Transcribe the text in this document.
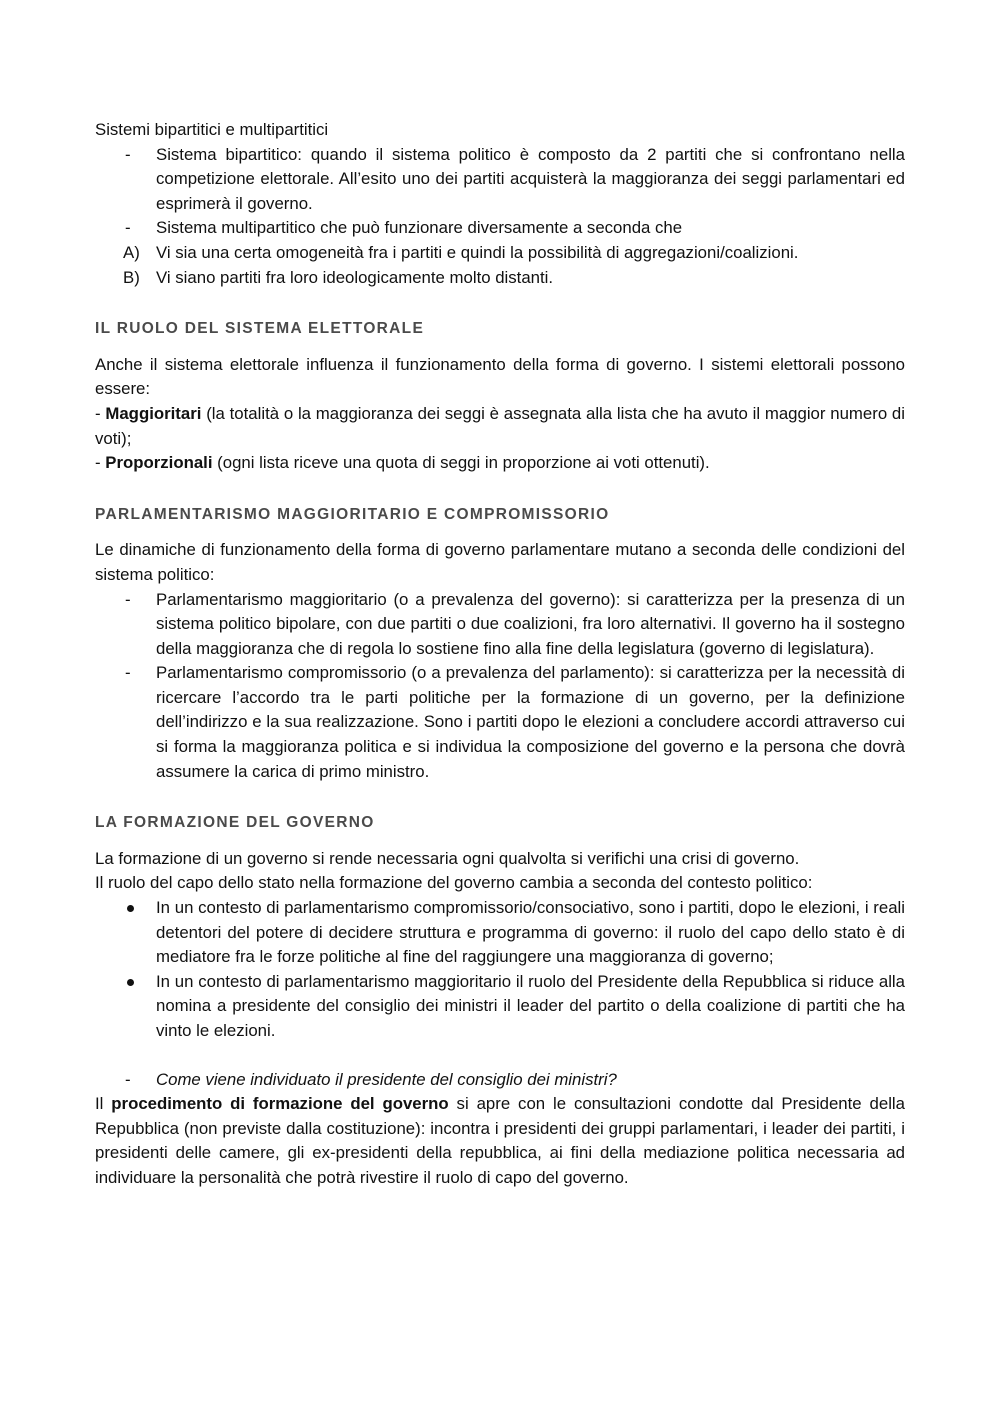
Sistemi bipartitici e multipartitici

- Sistema bipartitico: quando il sistema politico è composto da 2 partiti che si confrontano nella competizione elettorale. All’esito uno dei partiti acquisterà la maggioranza dei seggi parlamentari ed esprimerà il governo.
- Sistema multipartitico che può funzionare diversamente a seconda che
A) Vi sia una certa omogeneità fra i partiti e quindi la possibilità di aggregazioni/coalizioni.
B) Vi siano partiti fra loro ideologicamente molto distanti.

IL RUOLO DEL SISTEMA ELETTORALE

Anche il sistema elettorale influenza il funzionamento della forma di governo. I sistemi elettorali possono essere:

- Maggioritari (la totalità o la maggioranza dei seggi è assegnata alla lista che ha avuto il maggior numero di voti);

- Proporzionali (ogni lista riceve una quota di seggi in proporzione ai voti ottenuti).

PARLAMENTARISMO MAGGIORITARIO E COMPROMISSORIO

Le dinamiche di funzionamento della forma di governo parlamentare mutano a seconda delle condizioni del sistema politico:

- Parlamentarismo maggioritario (o a prevalenza del governo): si caratterizza per la presenza di un sistema politico bipolare, con due partiti o due coalizioni, fra loro alternativi. Il governo ha il sostegno della maggioranza che di regola lo sostiene fino alla fine della legislatura (governo di legislatura).
- Parlamentarismo compromissorio (o a prevalenza del parlamento): si caratterizza per la necessità di ricercare l’accordo tra le parti politiche per la formazione di un governo, per la definizione dell’indirizzo e la sua realizzazione. Sono i partiti dopo le elezioni a concludere accordi attraverso cui si forma la maggioranza politica e si individua la composizione del governo e la persona che dovrà assumere la carica di primo ministro.

LA FORMAZIONE DEL GOVERNO

La formazione di un governo si rende necessaria ogni qualvolta si verifichi una crisi di governo.

Il ruolo del capo dello stato nella formazione del governo cambia a seconda del contesto politico:

In un contesto di parlamentarismo compromissorio/consociativo, sono i partiti, dopo le elezioni, i reali detentori del potere di decidere struttura e programma di governo: il ruolo del capo dello stato è di mediatore fra le forze politiche al fine del raggiungere una maggioranza di governo;
In un contesto di parlamentarismo maggioritario il ruolo del Presidente della Repubblica si riduce alla nomina a presidente del consiglio dei ministri il leader del partito o della coalizione di partiti che ha vinto le elezioni.
- Come viene individuato il presidente del consiglio dei ministri?

Il procedimento di formazione del governo si apre con le consultazioni condotte dal Presidente della Repubblica (non previste dalla costituzione): incontra i presidenti dei gruppi parlamentari, i leader dei partiti, i presidenti delle camere, gli ex-presidenti della repubblica, ai fini della mediazione politica necessaria ad individuare la personalità che potrà rivestire il ruolo di capo del governo.
